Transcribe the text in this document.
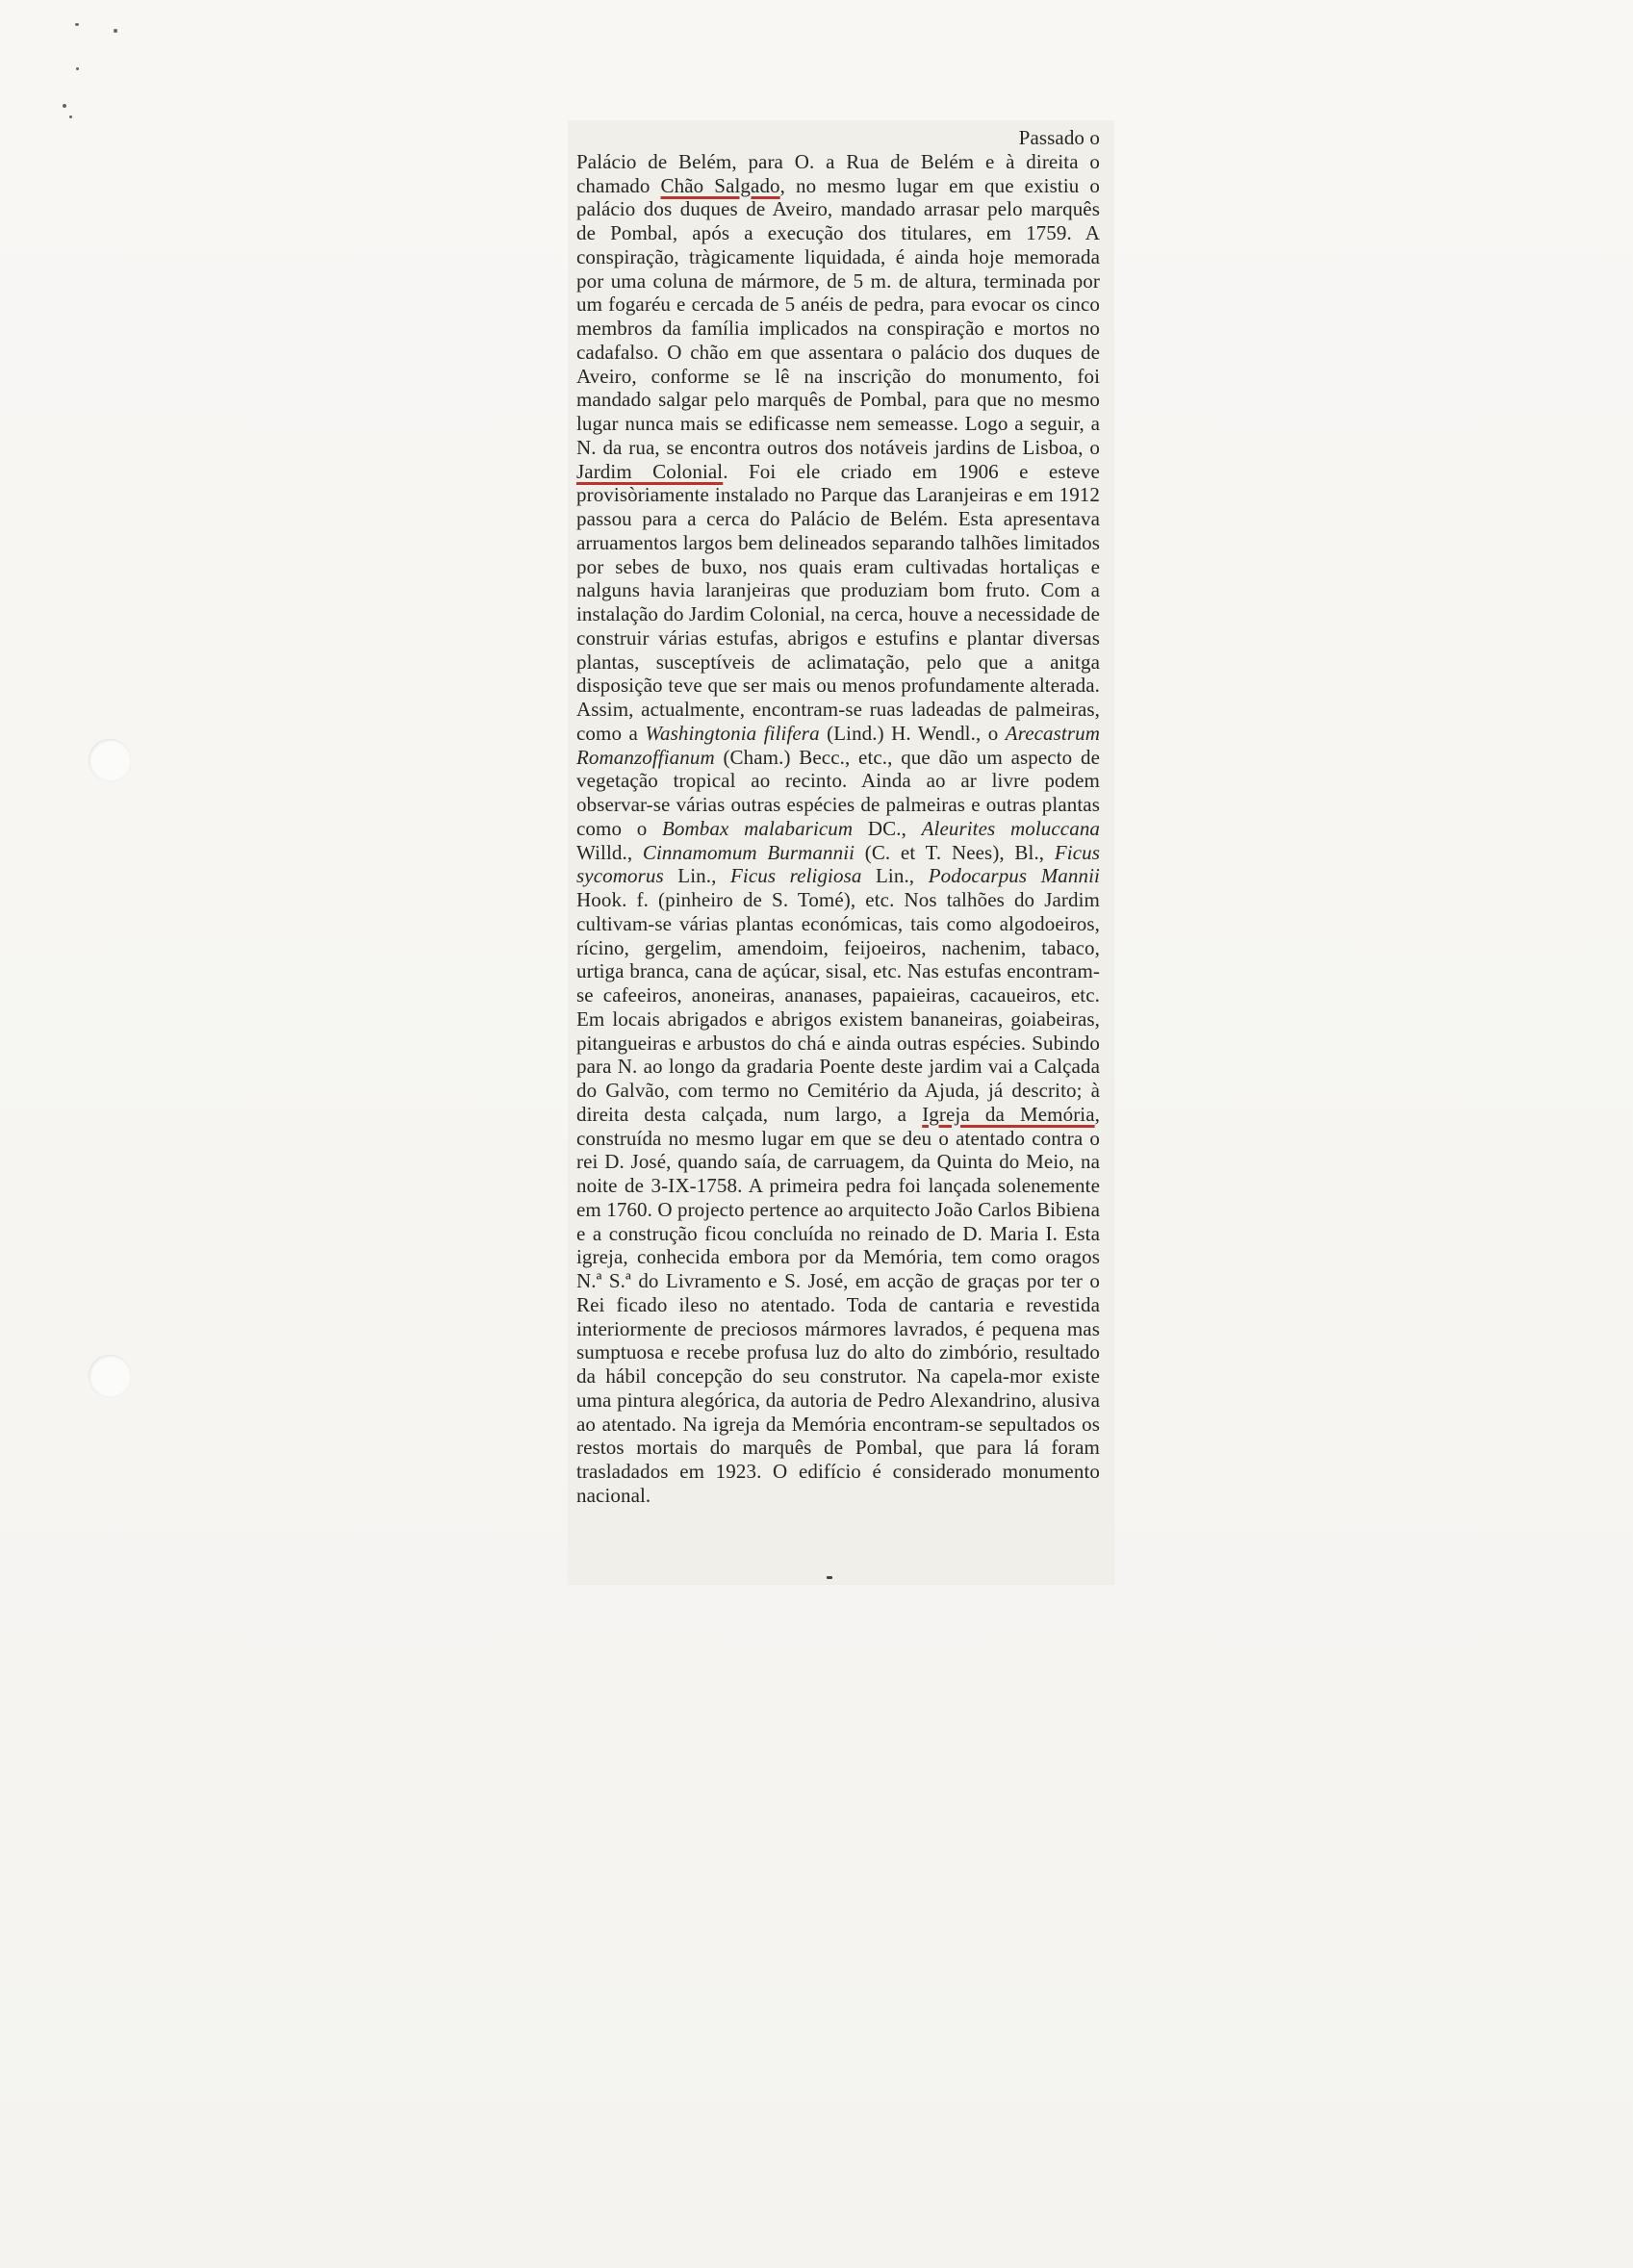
Passado o
Palácio de Belém, para O. a Rua de Belém e à direita o chamado Chão Salgado, no mesmo lugar em que existiu o palácio dos duques de Aveiro, mandado arrasar pelo marquês de Pombal, após a execução dos titulares, em 1759. A conspiração, tràgicamente liquidada, é ainda hoje memorada por uma coluna de mármore, de 5 m. de altura, terminada por um fogaréu e cercada de 5 anéis de pedra, para evocar os cinco membros da família implicados na conspiração e mortos no cadafalso. O chão em que assentara o palácio dos duques de Aveiro, conforme se lê na inscrição do monumento, foi mandado salgar pelo marquês de Pombal, para que no mesmo lugar nunca mais se edificasse nem semeasse. Logo a seguir, a N. da rua, se encontra outros dos notáveis jardins de Lisboa, o Jardim Colonial. Foi ele criado em 1906 e esteve provisòriamente instalado no Parque das Laranjeiras e em 1912 passou para a cerca do Palácio de Belém. Esta apresentava arruamentos largos bem delineados separando talhões limitados por sebes de buxo, nos quais eram cultivadas hortaliças e nalguns havia laranjeiras que produziam bom fruto. Com a instalação do Jardim Colonial, na cerca, houve a necessidade de construir várias estufas, abrigos e estufins e plantar diversas plantas, susceptíveis de aclimatação, pelo que a anitga disposição teve que ser mais ou menos profundamente alterada. Assim, actualmente, encontram-se ruas ladeadas de palmeiras, como a Washingtonia filifera (Lind.) H. Wendl., o Arecastrum Romanzoffianum (Cham.) Becc., etc., que dão um aspecto de vegetação tropical ao recinto. Ainda ao ar livre podem observar-se várias outras espécies de palmeiras e outras plantas como o Bombax malabaricum DC., Aleurites moluccana Willd., Cinnamomum Burmannii (C. et T. Nees), Bl., Ficus sycomorus Lin., Ficus religiosa Lin., Podocarpus Mannii Hook. f. (pinheiro de S. Tomé), etc. Nos talhões do Jardim cultivam-se várias plantas económicas, tais como algodoeiros, rícino, gergelim, amendoim, feijoeiros, nachenim, tabaco, urtiga branca, cana de açúcar, sisal, etc. Nas estufas encontram-se cafeeiros, anoneiras, ananases, papaieiras, cacaueiros, etc. Em locais abrigados e abrigos existem bananeiras, goiabeiras, pitangueiras e arbustos do chá e ainda outras espécies. Subindo para N. ao longo da gradaria Poente deste jardim vai a Calçada do Galvão, com termo no Cemitério da Ajuda, já descrito; à direita desta calçada, num largo, a Igreja da Memória, construída no mesmo lugar em que se deu o atentado contra o rei D. José, quando saía, de carruagem, da Quinta do Meio, na noite de 3-IX-1758. A primeira pedra foi lançada solenemente em 1760. O projecto pertence ao arquitecto João Carlos Bibiena e a construção ficou concluída no reinado de D. Maria I. Esta igreja, conhecida embora por da Memória, tem como oragos N.ª S.ª do Livramento e S. José, em acção de graças por ter o Rei ficado ileso no atentado. Toda de cantaria e revestida interiormente de preciosos mármores lavrados, é pequena mas sumptuosa e recebe profusa luz do alto do zimbório, resultado da hábil concepção do seu construtor. Na capela-mor existe uma pintura alegórica, da autoria de Pedro Alexandrino, alusiva ao atentado. Na igreja da Memória encontram-se sepultados os restos mortais do marquês de Pombal, que para lá foram trasladados em 1923. O edifício é considerado monumento nacional.
